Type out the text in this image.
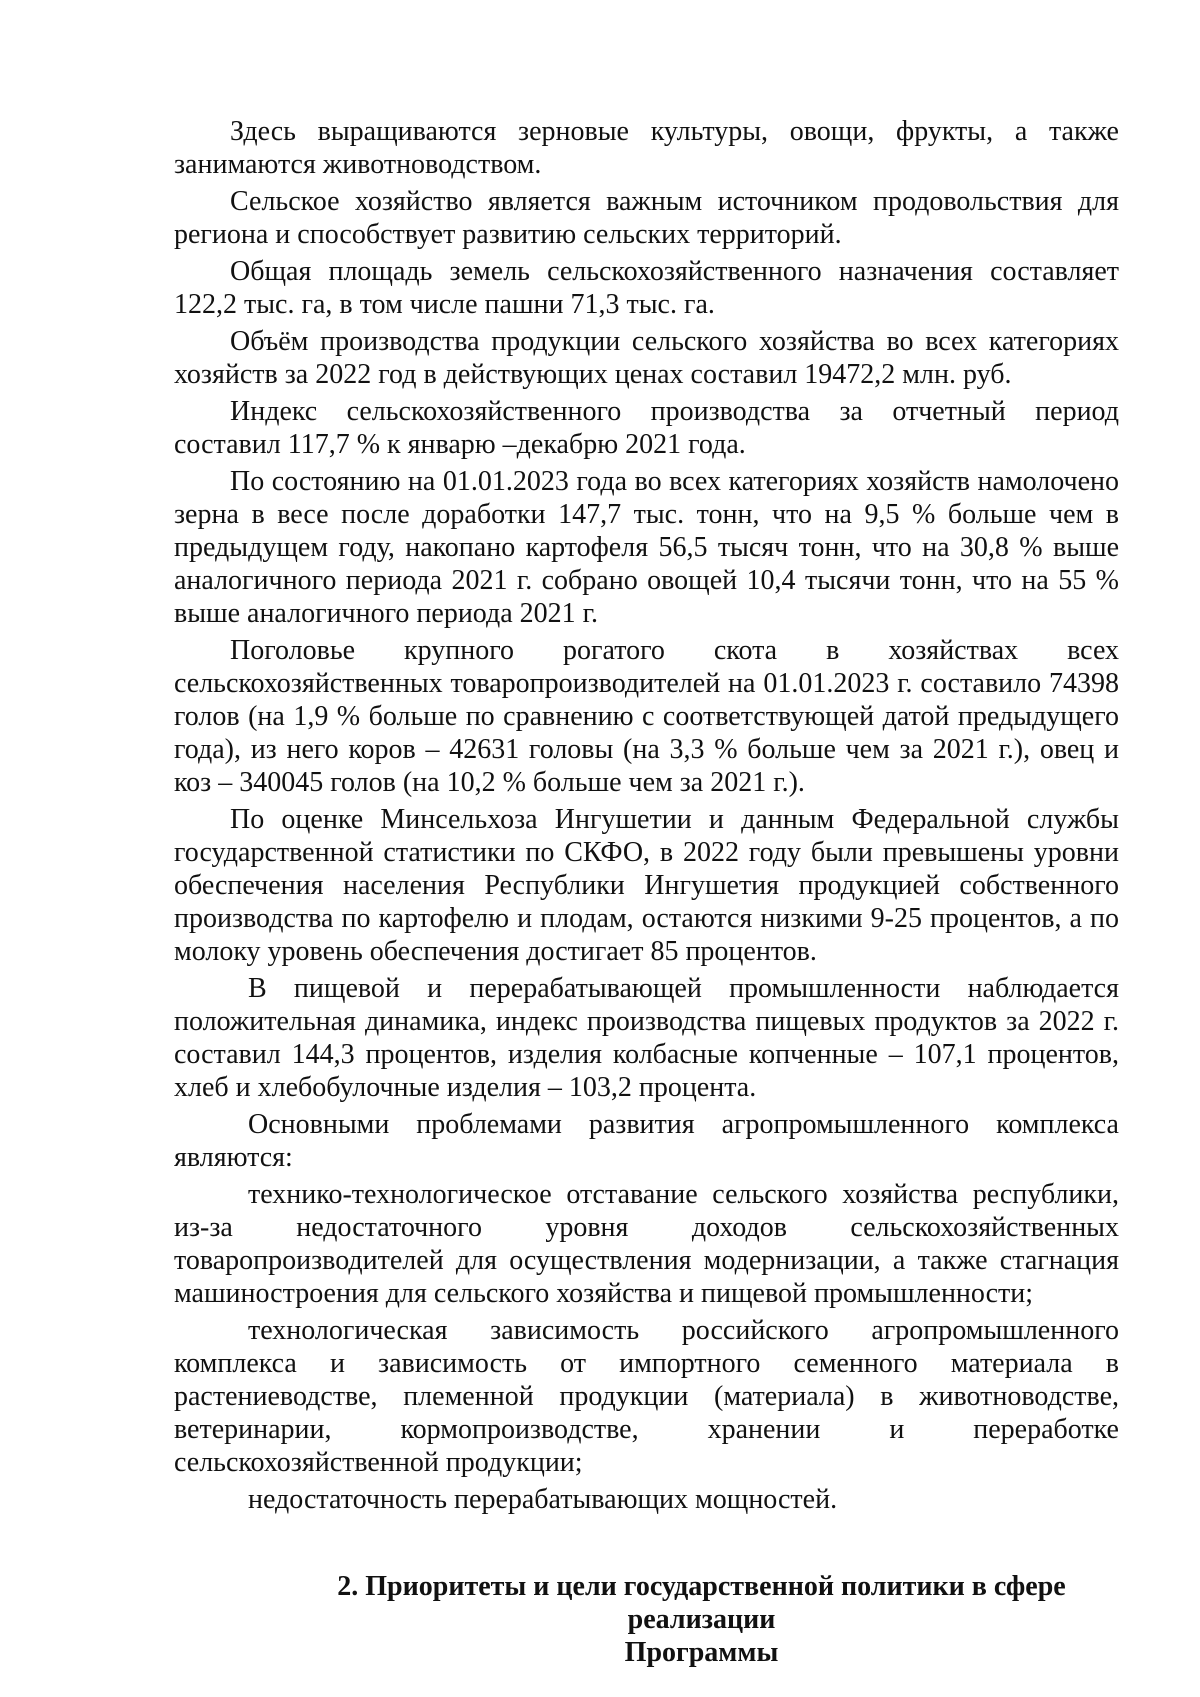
Здесь выращиваются зерновые культуры, овощи, фрукты, а также занимаются животноводством.

Сельское хозяйство является важным источником продовольствия для региона и способствует развитию сельских территорий.

Общая площадь земель сельскохозяйственного назначения составляет 122,2 тыс. га, в том числе пашни 71,3 тыс. га.

Объём производства продукции сельского хозяйства во всех категориях хозяйств за 2022 год в действующих ценах составил 19472,2 млн. руб.

Индекс сельскохозяйственного производства за отчетный период составил 117,7 % к январю –декабрю 2021 года.

По состоянию на 01.01.2023 года во всех категориях хозяйств намолочено зерна в весе после доработки 147,7 тыс. тонн, что на 9,5 % больше чем в предыдущем году, накопано картофеля 56,5 тысяч тонн, что на 30,8 % выше аналогичного периода 2021 г. собрано овощей 10,4 тысячи тонн, что на 55 % выше аналогичного периода 2021 г.

Поголовье крупного рогатого скота в хозяйствах всех сельскохозяйственных товаропроизводителей на 01.01.2023 г. составило 74398 голов (на 1,9 % больше по сравнению с соответствующей датой предыдущего года), из него коров – 42631 головы (на 3,3 % больше чем за 2021 г.), овец и коз – 340045 голов (на 10,2 % больше чем за 2021 г.).

По оценке Минсельхоза Ингушетии и данным Федеральной службы государственной статистики по СКФО, в 2022 году были превышены уровни обеспечения населения Республики Ингушетия продукцией собственного производства по картофелю и плодам, остаются низкими 9-25 процентов, а по молоку уровень обеспечения достигает 85 процентов.

В пищевой и перерабатывающей промышленности наблюдается положительная динамика, индекс производства пищевых продуктов за 2022 г. составил 144,3 процентов, изделия колбасные копченные – 107,1 процентов, хлеб и хлебобулочные изделия – 103,2 процента.

Основными проблемами развития агропромышленного комплекса являются:

технико-технологическое отставание сельского хозяйства республики, из-за недостаточного уровня доходов сельскохозяйственных товаропроизводителей для осуществления модернизации, а также стагнация машиностроения для сельского хозяйства и пищевой промышленности;

технологическая зависимость российского агропромышленного комплекса и зависимость от импортного семенного материала в растениеводстве, племенной продукции (материала) в животноводстве, ветеринарии, кормопроизводстве, хранении и переработке сельскохозяйственной продукции;

недостаточность перерабатывающих мощностей.

2. Приоритеты и цели государственной политики в сфере реализации
Программы
